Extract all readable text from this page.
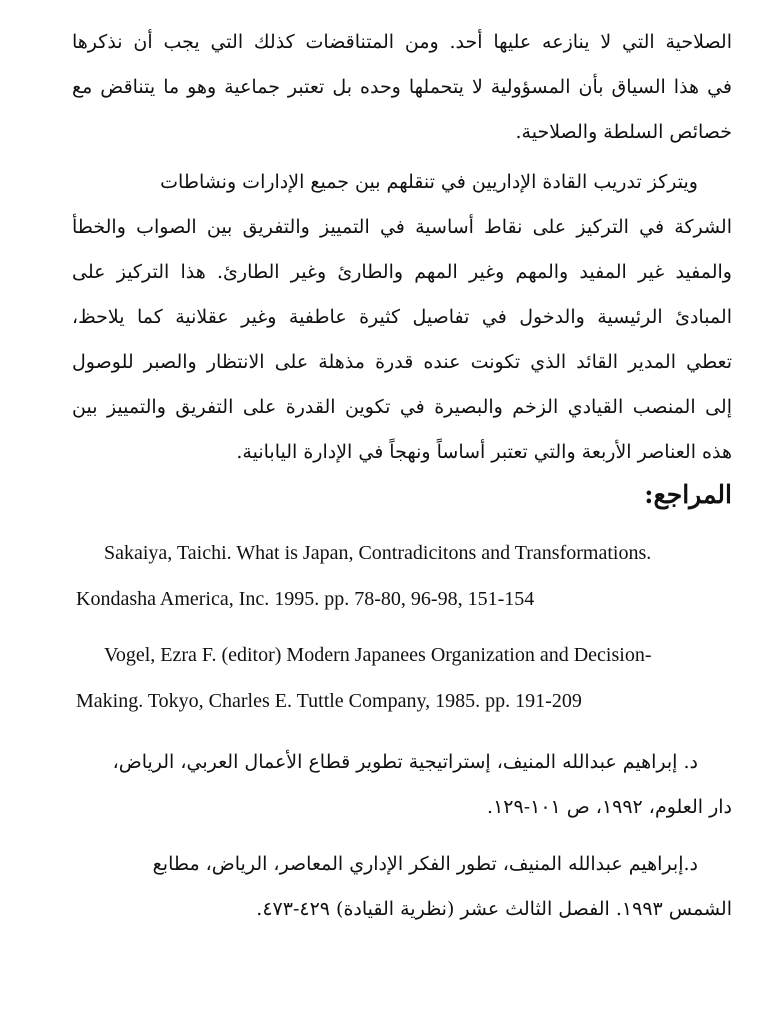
الصلاحية التي لا ينازعه عليها أحد. ومن المتناقضات كذلك التي يجب أن نذكرها
في هذا السياق بأن المسؤولية لا يتحملها وحده بل تعتبر جماعية وهو ما يتناقض مع
خصائص السلطة والصلاحية.

ويتركز تدريب القادة الإداريين في تنقلهم بين جميع الإدارات ونشاطات
الشركة في التركيز على نقاط أساسية في التمييز والتفريق بين الصواب والخطأ
والمفيد غير المفيد والمهم وغير المهم والطارئ وغير الطارئ. هذا التركيز على
المبادئ الرئيسية والدخول في تفاصيل كثيرة عاطفية وغير عقلانية كما يلاحظ،
تعطي المدير القائد الذي تكونت عنده قدرة مذهلة على الانتظار والصبر للوصول
إلى المنصب القيادي الزخم والبصيرة في تكوين القدرة على التفريق والتمييز بين
هذه العناصر الأربعة والتي تعتبر أساساً ونهجاً في الإدارة اليابانية.

المراجع:

Sakaiya, Taichi. What is Japan, Contradicitons and Transformations.
Kondasha America, Inc. 1995. pp. 78-80, 96-98, 151-154

Vogel, Ezra F. (editor) Modern Japanees Organization and Decision-
Making. Tokyo, Charles E. Tuttle Company, 1985. pp. 191-209

د. إبراهيم عبدالله المنيف، إستراتيجية تطوير قطاع الأعمال العربي، الرياض،
دار العلوم، ١٩٩٢، ص ١٠١-١٢٩.

د.إبراهيم عبدالله المنيف، تطور الفكر الإداري المعاصر، الرياض، مطابع
الشمس ١٩٩٣. الفصل الثالث عشر (نظرية القيادة) ٤٢٩-٤٧٣.
